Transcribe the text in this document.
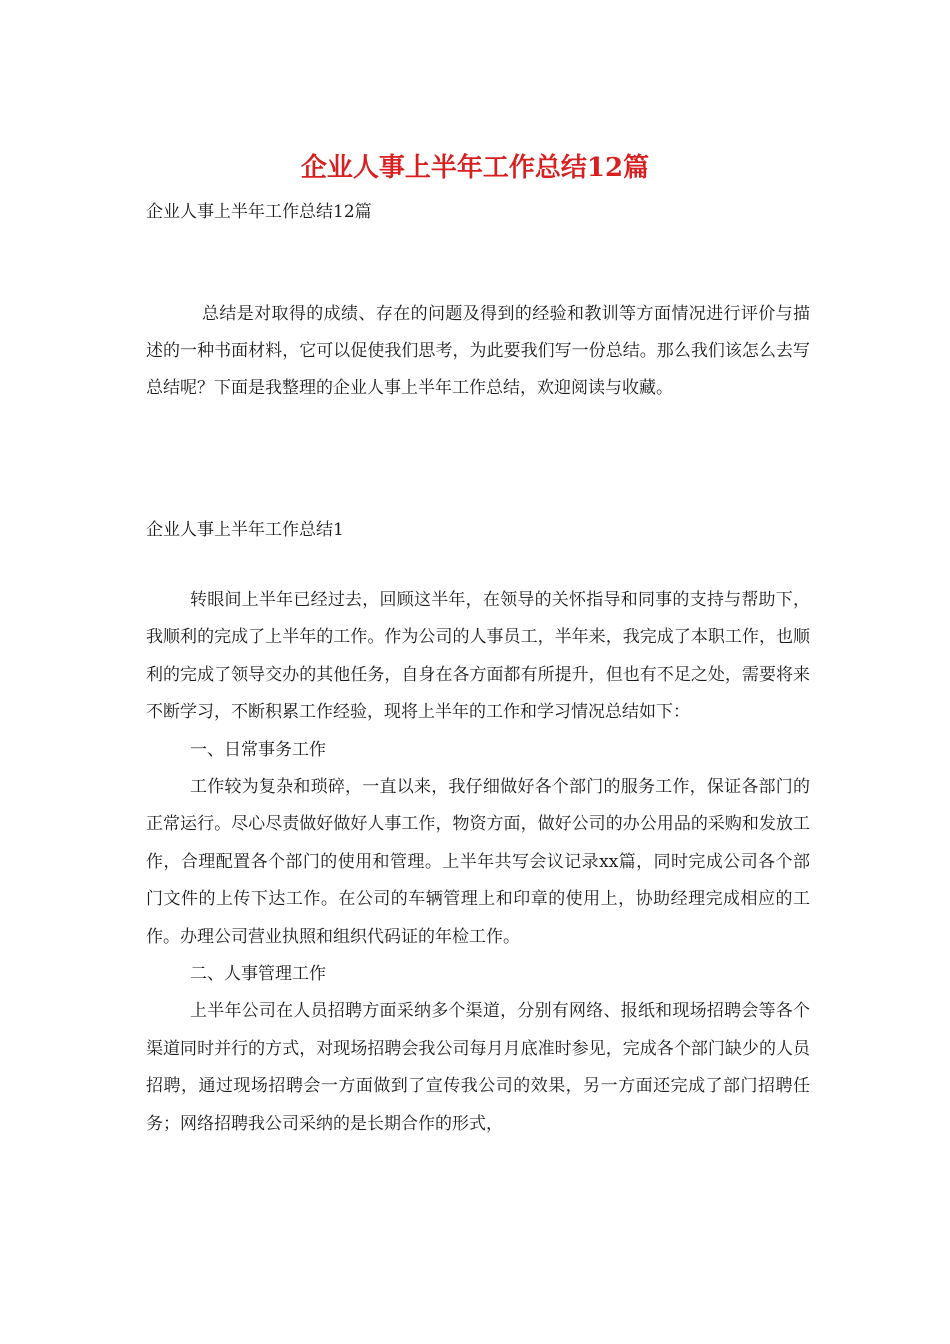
企业人事上半年工作总结12篇

企业人事上半年工作总结12篇

总结是对取得的成绩、存在的问题及得到的经验和教训等方面情况进行评价与描述的一种书面材料，它可以促使我们思考，为此要我们写一份总结。那么我们该怎么去写总结呢？下面是我整理的企业人事上半年工作总结，欢迎阅读与收藏。

企业人事上半年工作总结1

转眼间上半年已经过去，回顾这半年，在领导的关怀指导和同事的支持与帮助下，我顺利的完成了上半年的工作。作为公司的人事员工，半年来，我完成了本职工作，也顺利的完成了领导交办的其他任务，自身在各方面都有所提升，但也有不足之处，需要将来不断学习，不断积累工作经验，现将上半年的工作和学习情况总结如下：

一、日常事务工作

工作较为复杂和琐碎，一直以来，我仔细做好各个部门的服务工作，保证各部门的正常运行。尽心尽责做好做好人事工作，物资方面，做好公司的办公用品的采购和发放工作，合理配置各个部门的使用和管理。上半年共写会议记录xx篇，同时完成公司各个部门文件的上传下达工作。在公司的车辆管理上和印章的使用上，协助经理完成相应的工作。办理公司营业执照和组织代码证的年检工作。

二、人事管理工作

上半年公司在人员招聘方面采纳多个渠道，分别有网络、报纸和现场招聘会等各个渠道同时并行的方式，对现场招聘会我公司每月月底准时参见，完成各个部门缺少的人员招聘，通过现场招聘会一方面做到了宣传我公司的效果，另一方面还完成了部门招聘任务；网络招聘我公司采纳的是长期合作的形式，
